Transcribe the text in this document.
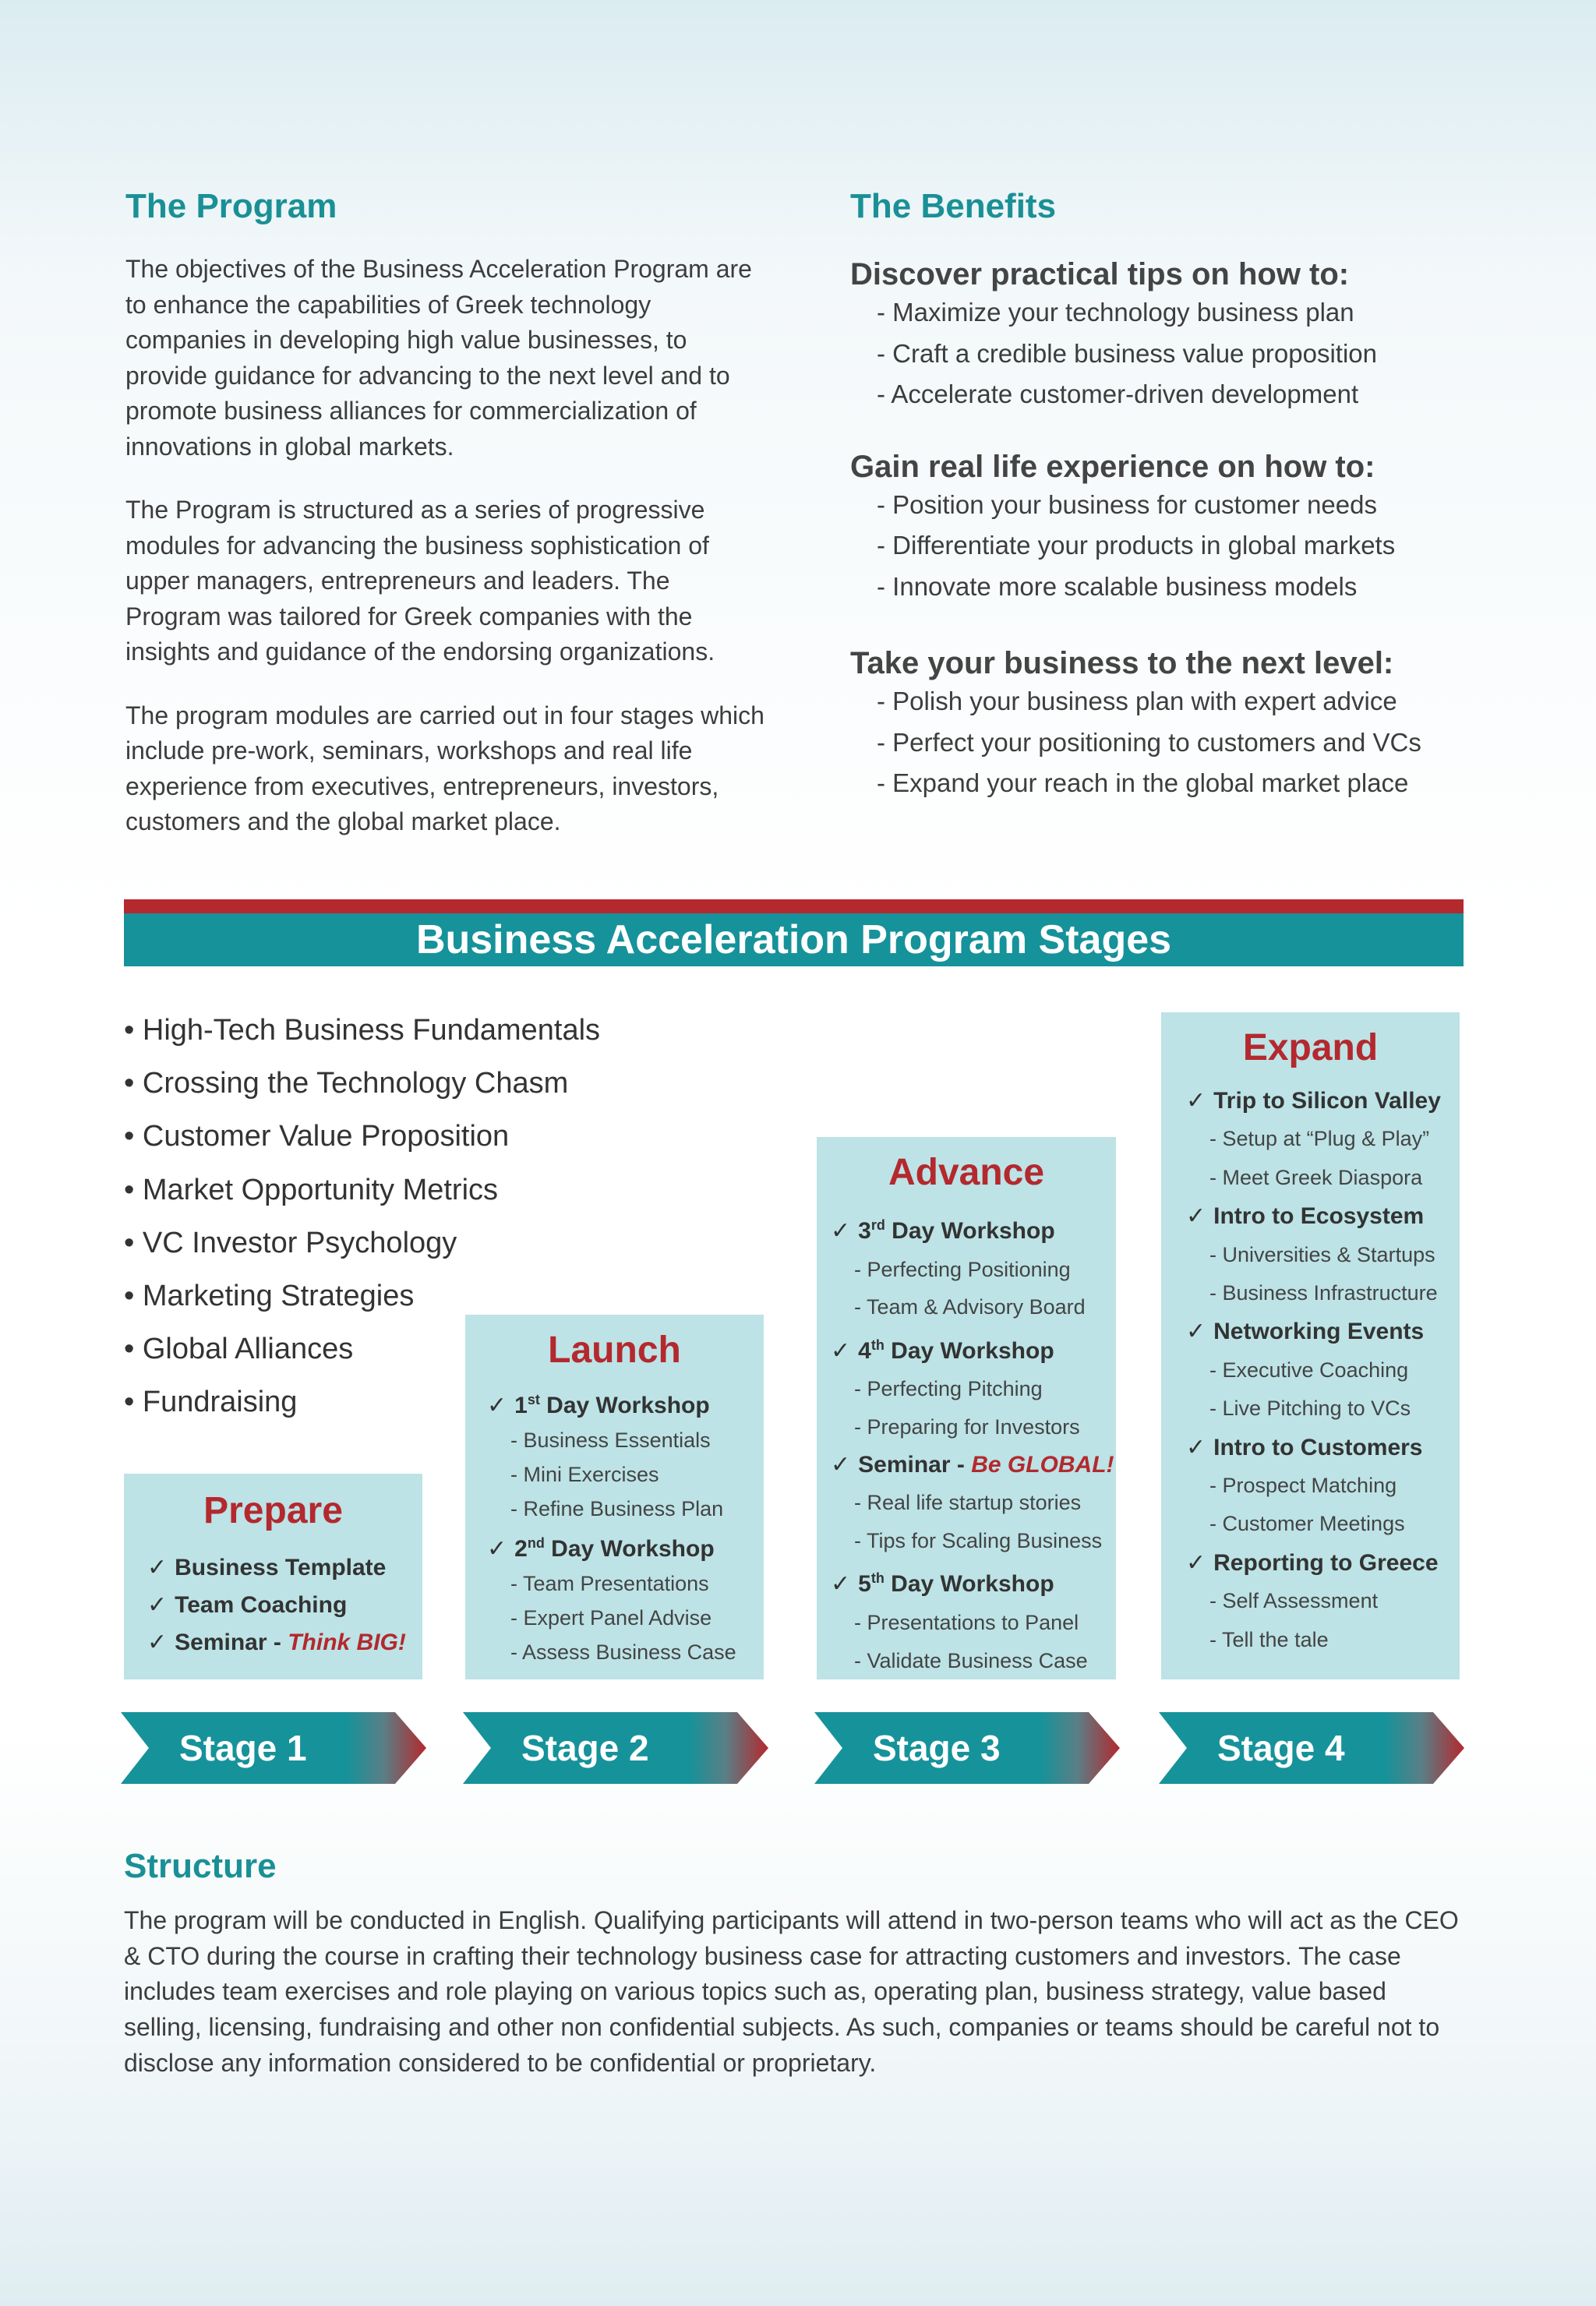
The Program

The objectives of the Business Acceleration Program are to enhance the capabilities of Greek technology companies in developing high value businesses, to provide guidance for advancing to the next level and to promote business alliances for commercialization of innovations in global markets.

The Program is structured as a series of progressive modules for advancing the business sophistication of upper managers, entrepreneurs and leaders. The Program was tailored for Greek companies with the insights and guidance of the endorsing organizations.

The program modules are carried out in four stages which include pre-work, seminars, workshops and real life experience from executives, entrepreneurs, investors, customers and the global market place.

The Benefits
Discover practical tips on how to:
- Maximize your technology business plan
- Craft a credible business value proposition
- Accelerate customer-driven development
Gain real life experience on how to:
- Position your business for customer needs
- Differentiate your products in global markets
- Innovate more scalable business models
Take your business to the next level:
- Polish your business plan with expert advice
- Perfect your positioning to customers and VCs
- Expand your reach in the global market place
Business Acceleration Program Stages
• High-Tech Business Fundamentals
• Crossing the Technology Chasm
• Customer Value Proposition
• Market Opportunity Metrics
• VC Investor Psychology
• Marketing Strategies
• Global Alliances
• Fundraising
Prepare
✓ Business Template
✓ Team Coaching
✓ Seminar - Think BIG!
Launch
✓ 1st Day Workshop
- Business Essentials
- Mini Exercises
- Refine Business Plan
✓ 2nd Day Workshop
- Team Presentations
- Expert Panel Advise
- Assess Business Case
Advance
✓ 3rd Day Workshop
- Perfecting Positioning
- Team & Advisory Board
✓ 4th Day Workshop
- Perfecting Pitching
- Preparing for Investors
✓ Seminar - Be GLOBAL!
- Real life startup stories
- Tips for Scaling Business
✓ 5th Day Workshop
- Presentations to Panel
- Validate Business Case
Expand
✓ Trip to Silicon Valley
- Setup at “Plug & Play”
- Meet Greek Diaspora
✓ Intro to Ecosystem
- Universities & Startups
- Business Infrastructure
✓ Networking Events
- Executive Coaching
- Live Pitching to VCs
✓ Intro to Customers
- Prospect Matching
- Customer Meetings
✓ Reporting to Greece
- Self Assessment
- Tell the tale
Stage 1	Stage 2	Stage 3	Stage 4
Structure

The program will be conducted in English. Qualifying participants will attend in two-person teams who will act as the CEO & CTO during the course in crafting their technology business case for attracting customers and investors. The case includes team exercises and role playing on various topics such as, operating plan, business strategy, value based selling, licensing, fundraising and other non confidential subjects. As such, companies or teams should be careful not to disclose any information considered to be confidential or proprietary.
